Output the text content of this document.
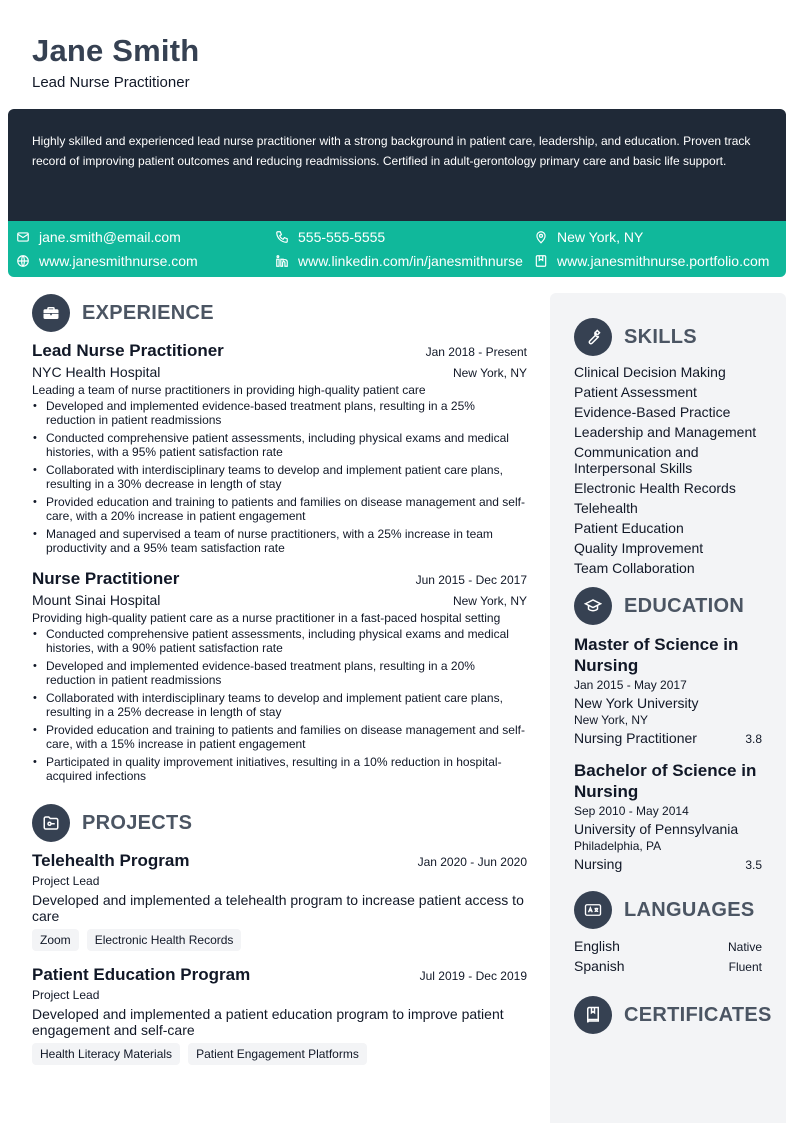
Jane Smith
Lead Nurse Practitioner

Highly skilled and experienced lead nurse practitioner with a strong background in patient care, leadership, and education. Proven track record of improving patient outcomes and reducing readmissions. Certified in adult-gerontology primary care and basic life support.

jane.smith@email.com	555-555-5555	New York, NY
www.janesmithnurse.com	www.linkedin.com/in/janesmithnurse www.janesmithnurse.portfolio.com
EXPERIENCE
Lead Nurse Practitioner	Jan 2018 - Present
NYC Health Hospital	New York, NY
Leading a team of nurse practitioners in providing high-quality patient care
• Developed and implemented evidence-based treatment plans, resulting in a 25% reduction in patient readmissions
• Conducted comprehensive patient assessments, including physical exams and medical histories, with a 95% patient satisfaction rate
• Collaborated with interdisciplinary teams to develop and implement patient care plans, resulting in a 30% decrease in length of stay
• Provided education and training to patients and families on disease management and self-care, with a 20% increase in patient engagement
• Managed and supervised a team of nurse practitioners, with a 25% increase in team productivity and a 95% team satisfaction rate
Nurse Practitioner	Jun 2015 - Dec 2017
Mount Sinai Hospital	New York, NY
Providing high-quality patient care as a nurse practitioner in a fast-paced hospital setting
• Conducted comprehensive patient assessments, including physical exams and medical histories, with a 90% patient satisfaction rate
• Developed and implemented evidence-based treatment plans, resulting in a 20% reduction in patient readmissions
• Collaborated with interdisciplinary teams to develop and implement patient care plans, resulting in a 25% decrease in length of stay
• Provided education and training to patients and families on disease management and self-care, with a 15% increase in patient engagement
• Participated in quality improvement initiatives, resulting in a 10% reduction in hospital-acquired infections
PROJECTS
Telehealth Program	Jan 2020 - Jun 2020
Project Lead
Developed and implemented a telehealth program to increase patient access to care
Zoom	Electronic Health Records
Patient Education Program	Jul 2019 - Dec 2019
Project Lead
Developed and implemented a patient education program to improve patient engagement and self-care
Health Literacy Materials	Patient Engagement Platforms
SKILLS
Clinical Decision Making
Patient Assessment
Evidence-Based Practice
Leadership and Management
Communication and Interpersonal Skills
Electronic Health Records
Telehealth
Patient Education
Quality Improvement
Team Collaboration
EDUCATION
Master of Science in Nursing
Jan 2015 - May 2017
New York University
New York, NY
Nursing Practitioner	3.8
Bachelor of Science in Nursing
Sep 2010 - May 2014
University of Pennsylvania
Philadelphia, PA
Nursing	3.5
LANGUAGES
English	Native
Spanish	Fluent
CERTIFICATES
